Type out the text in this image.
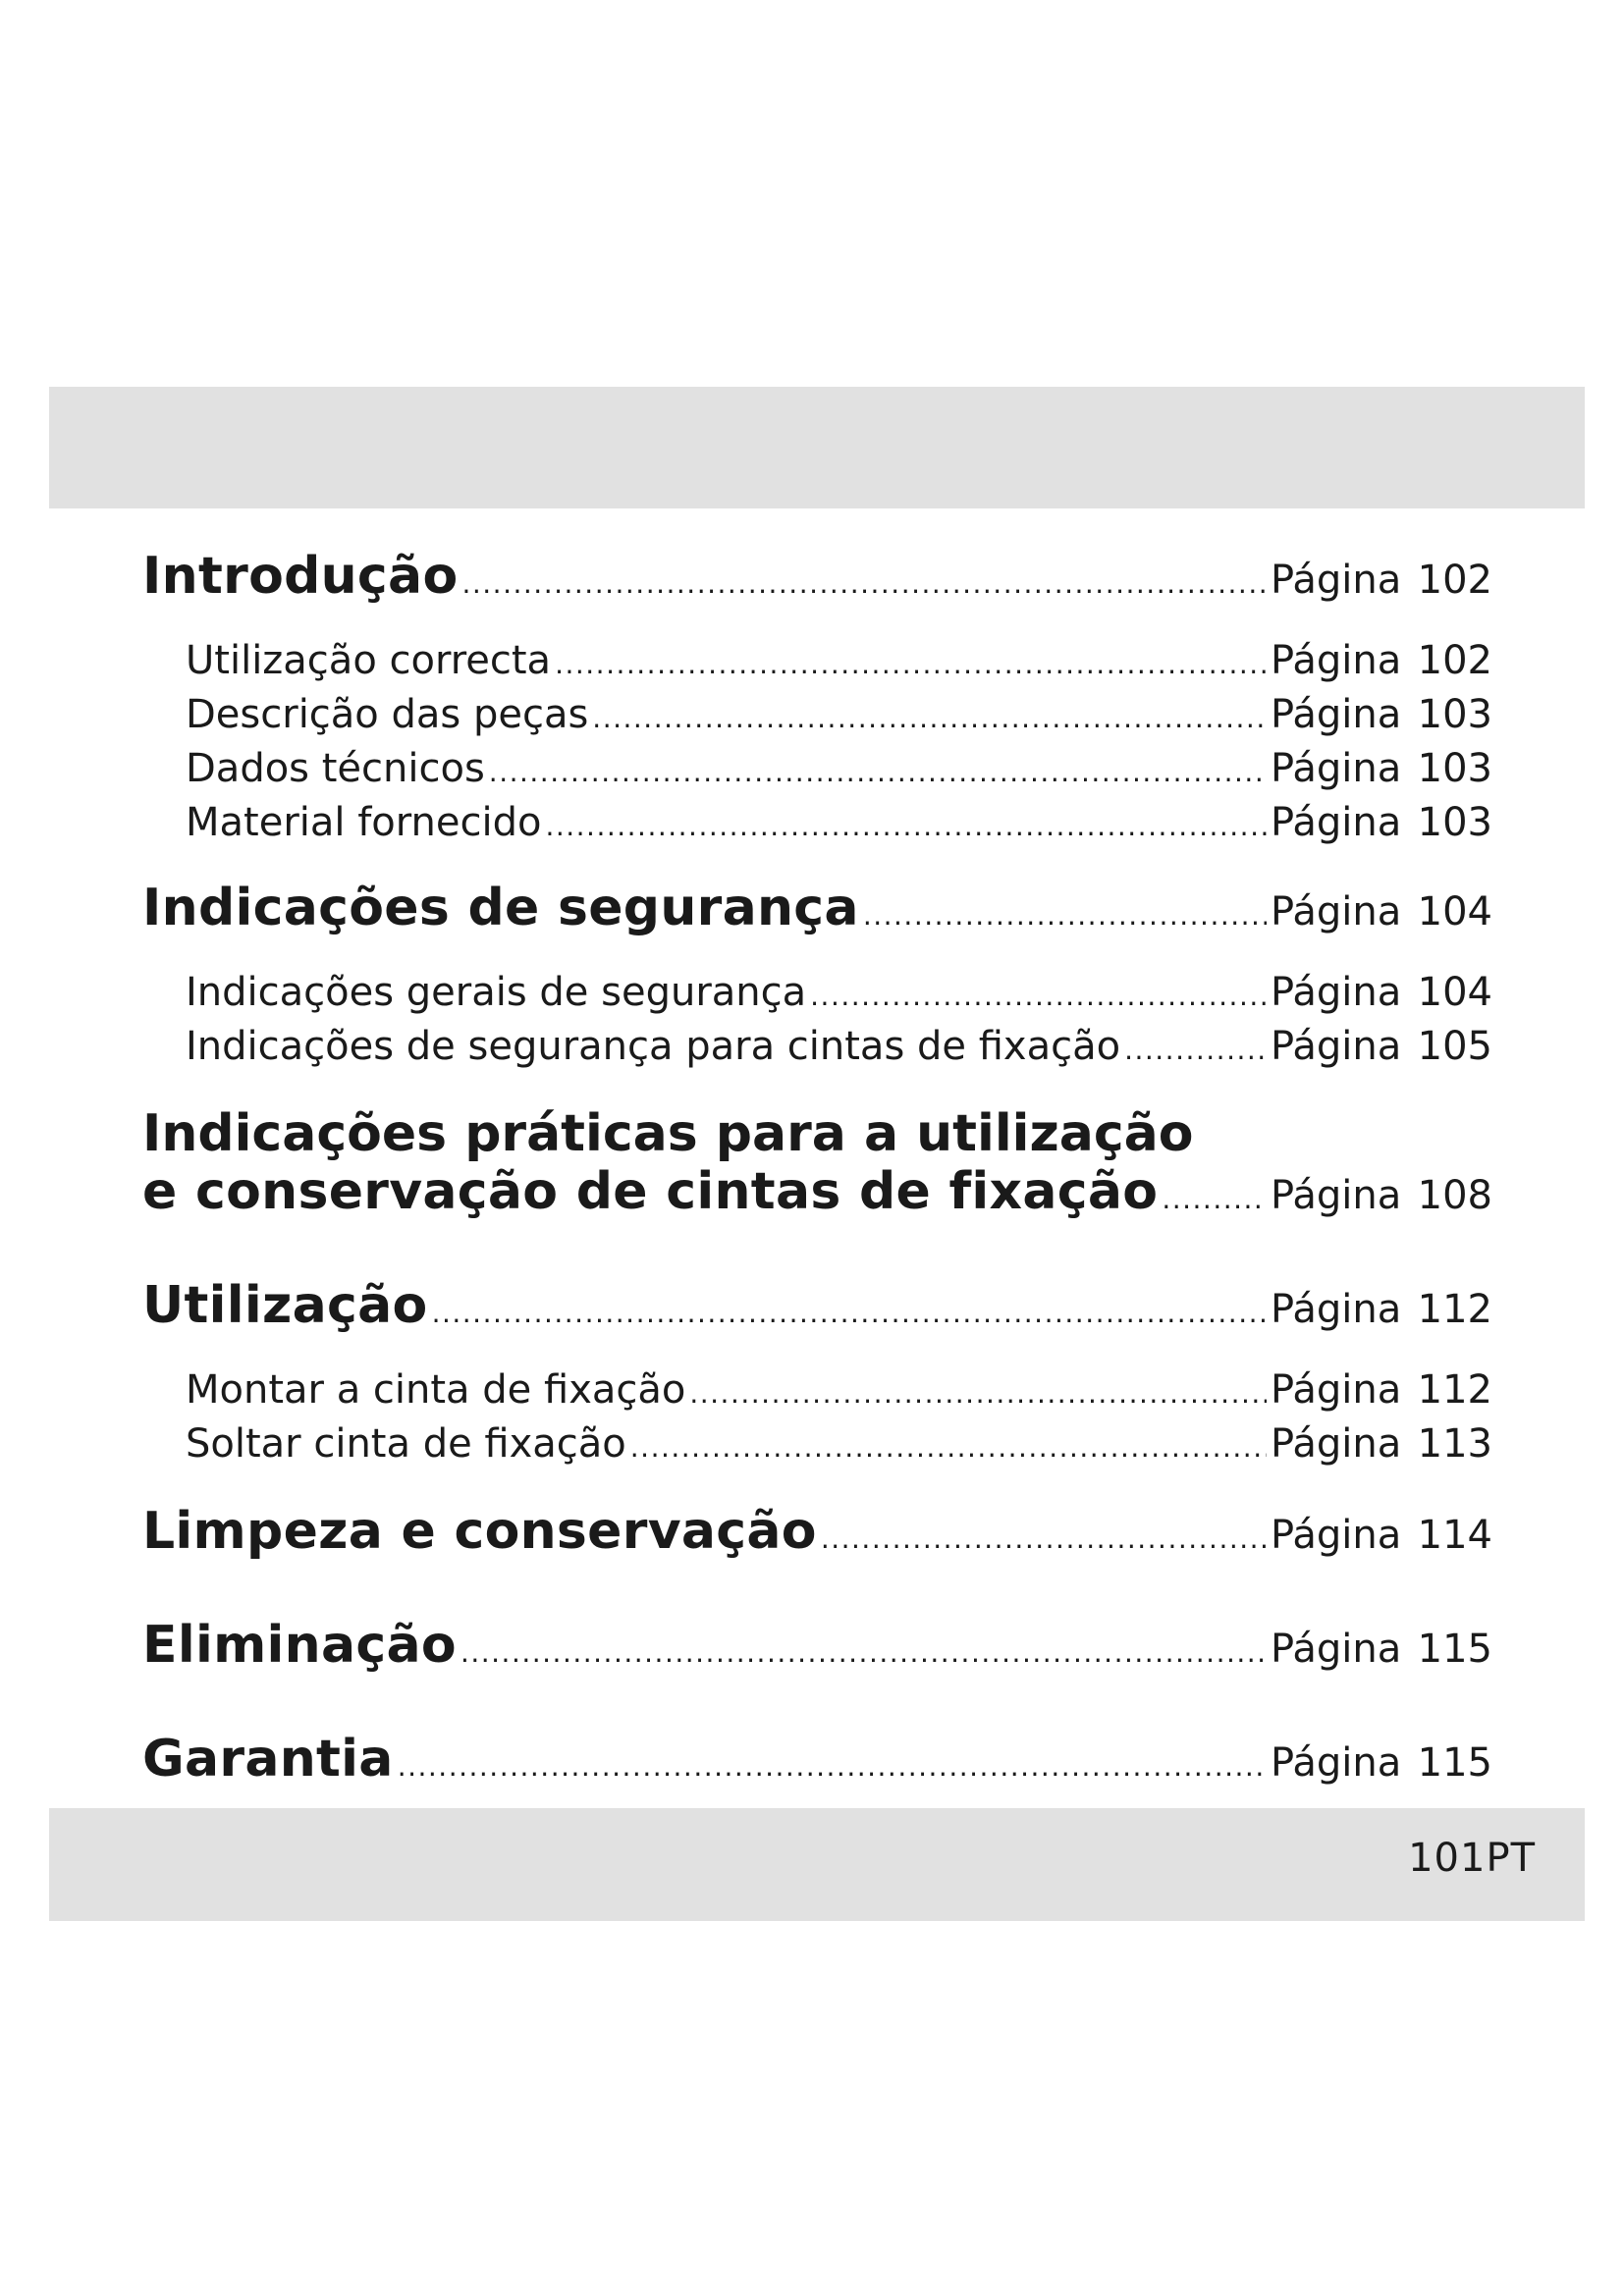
Introdução .....	Página 102
Utilização correcta .....	Página 102
Descrição das peças .....	Página 103
Dados técnicos .....	Página 103
Material fornecido .....	Página 103
Indicações de segurança .....	Página 104
Indicações gerais de segurança .....	Página 104
Indicações de segurança para cintas de fixação .....	Página 105
Indicações práticas para a utilização
e conservação de cintas de fixação .....	Página 108
Utilização .....	Página 112
Montar a cinta de fixação .....	Página 112
Soltar cinta de fixação .....	Página 113
Limpeza e conservação .....	Página 114
Eliminação .....	Página 115
Garantia .....	Página 115
101PT
